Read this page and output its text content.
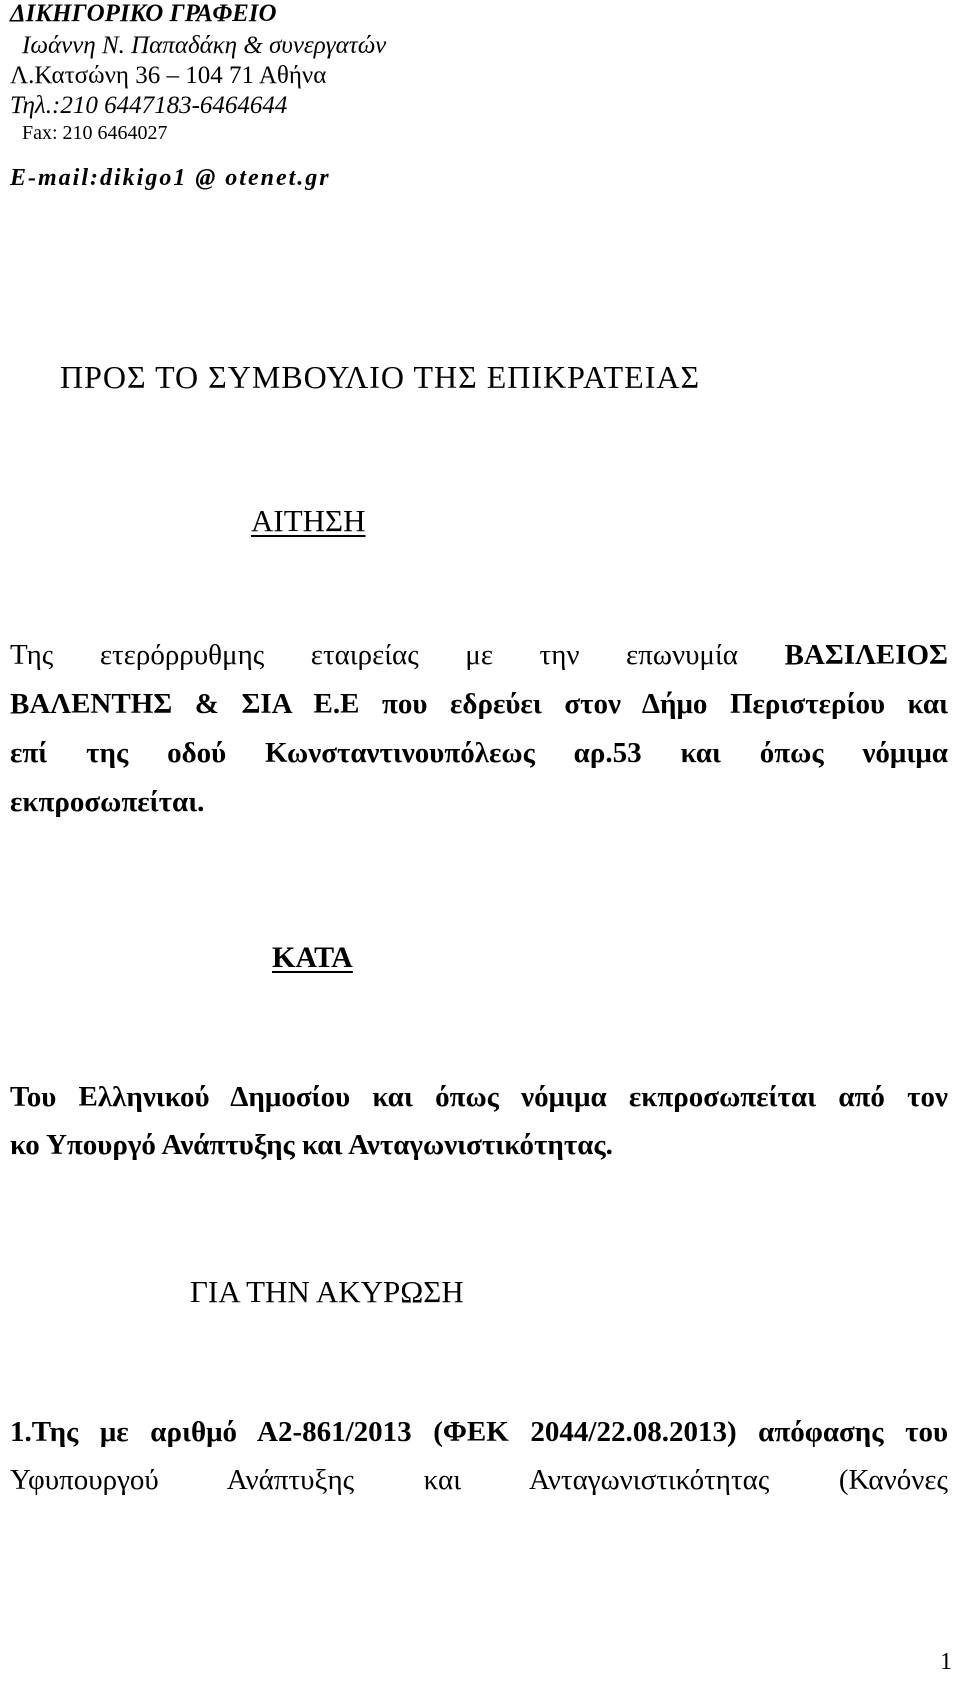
ΔΙΚΗΓΟΡΙΚΟ ΓΡΑΦΕΙΟ
Ιωάννη Ν. Παπαδάκη & συνεργατών
Λ.Κατσώνη 36 – 104 71 Αθήνα
Τηλ.:210 6447183-6464644
Fax: 210 6464027
E-mail:dikigo1 @ otenet.gr
ΠΡΟΣ ΤΟ ΣΥΜΒΟΥΛΙΟ ΤΗΣ ΕΠΙΚΡΑΤΕΙΑΣ
ΑΙΤΗΣΗ
Της ετερόρρυθμης εταιρείας με την επωνυμία ΒΑΣΙΛΕΙΟΣ
ΒΑΛΕΝΤΗΣ & ΣΙΑ Ε.Ε που εδρεύει στον Δήμο Περιστερίου και
επί της οδού Κωνσταντινουπόλεως αρ.53 και όπως νόμιμα
εκπροσωπείται.
ΚΑΤΑ
Του Ελληνικού Δημοσίου και όπως νόμιμα εκπροσωπείται από τον
κο Υπουργό Ανάπτυξης και Ανταγωνιστικότητας.
ΓΙΑ ΤΗΝ ΑΚΥΡΩΣΗ
1.Της με αριθμό Α2-861/2013 (ΦΕΚ 2044/22.08.2013) απόφασης του
Υφυπουργού Ανάπτυξης και Ανταγωνιστικότητας (Κανόνες
1
